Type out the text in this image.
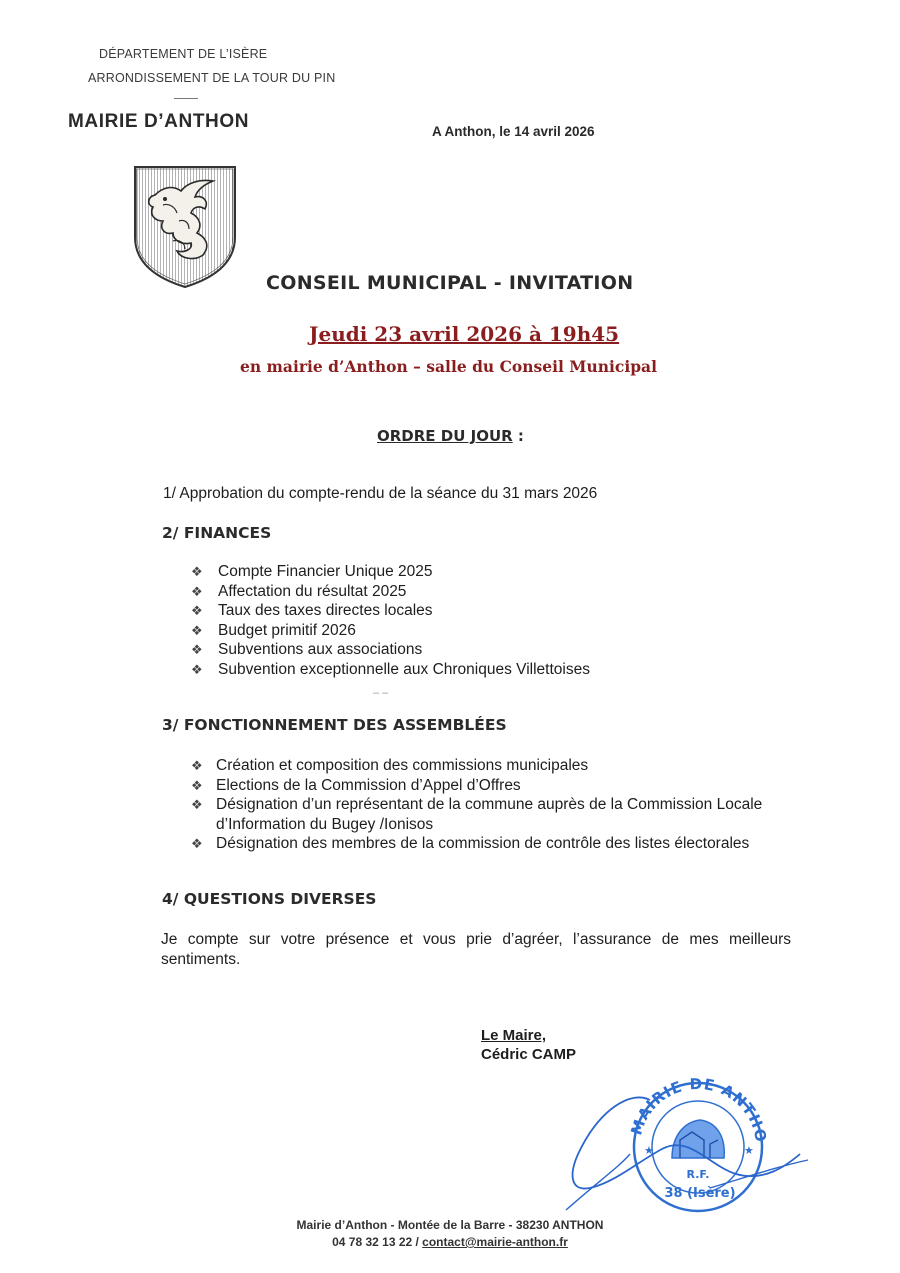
DÉPARTEMENT DE L’ISÈRE
ARRONDISSEMENT DE LA TOUR DU PIN
MAIRIE D’ANTHON	A Anthon, le 14 avril 2026
CONSEIL MUNICIPAL - INVITATION
Jeudi 23 avril 2026 à 19h45
en mairie d’Anthon – salle du Conseil Municipal
ORDRE DU JOUR :
1/ Approbation du compte-rendu de la séance du 31 mars 2026
2/ FINANCES
❖ Compte Financier Unique 2025
❖ Affectation du résultat 2025
❖ Taux des taxes directes locales
❖ Budget primitif 2026
❖ Subventions aux associations
❖ Subvention exceptionnelle aux Chroniques Villettoises
– –
3/ FONCTIONNEMENT DES ASSEMBLÉES
❖ Création et composition des commissions municipales
❖ Elections de la Commission d’Appel d’Offres
❖ Désignation d’un représentant de la commune auprès de la Commission Locale d’Information du Bugey /Ionisos
❖ Désignation des membres de la commission de contrôle des listes électorales
4/ QUESTIONS DIVERSES
Je compte sur votre présence et vous prie d’agréer, l’assurance de mes meilleurs sentiments.
Le Maire,
Cédric CAMP
MAIRIE DE ANTHO
R.F.
38 (Isère)
★	★
Mairie d’Anthon - Montée de la Barre - 38230 ANTHON
04 78 32 13 22 / contact@mairie-anthon.fr
